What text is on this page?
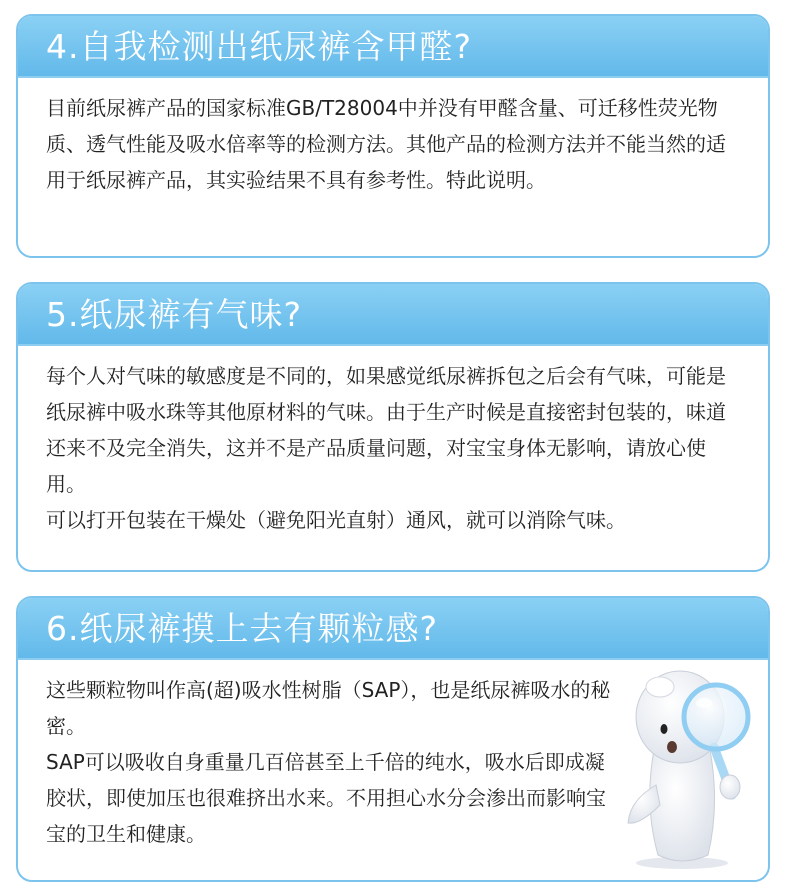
4.自我检测出纸尿裤含甲醛?

目前纸尿裤产品的国家标准GB/T28004中并没有甲醛含量、可迁移性荧光物质、透气性能及吸水倍率等的检测方法。其他产品的检测方法并不能当然的适用于纸尿裤产品，其实验结果不具有参考性。特此说明。

5.纸尿裤有气味?

每个人对气味的敏感度是不同的，如果感觉纸尿裤拆包之后会有气味，可能是纸尿裤中吸水珠等其他原材料的气味。由于生产时候是直接密封包装的，味道还来不及完全消失，这并不是产品质量问题，对宝宝身体无影响，请放心使用。

可以打开包装在干燥处（避免阳光直射）通风，就可以消除气味。

6.纸尿裤摸上去有颗粒感?

这些颗粒物叫作高(超)吸水性树脂（SAP），也是纸尿裤吸水的秘密。

SAP可以吸收自身重量几百倍甚至上千倍的纯水，吸水后即成凝胶状，即使加压也很难挤出水来。不用担心水分会渗出而影响宝宝的卫生和健康。
